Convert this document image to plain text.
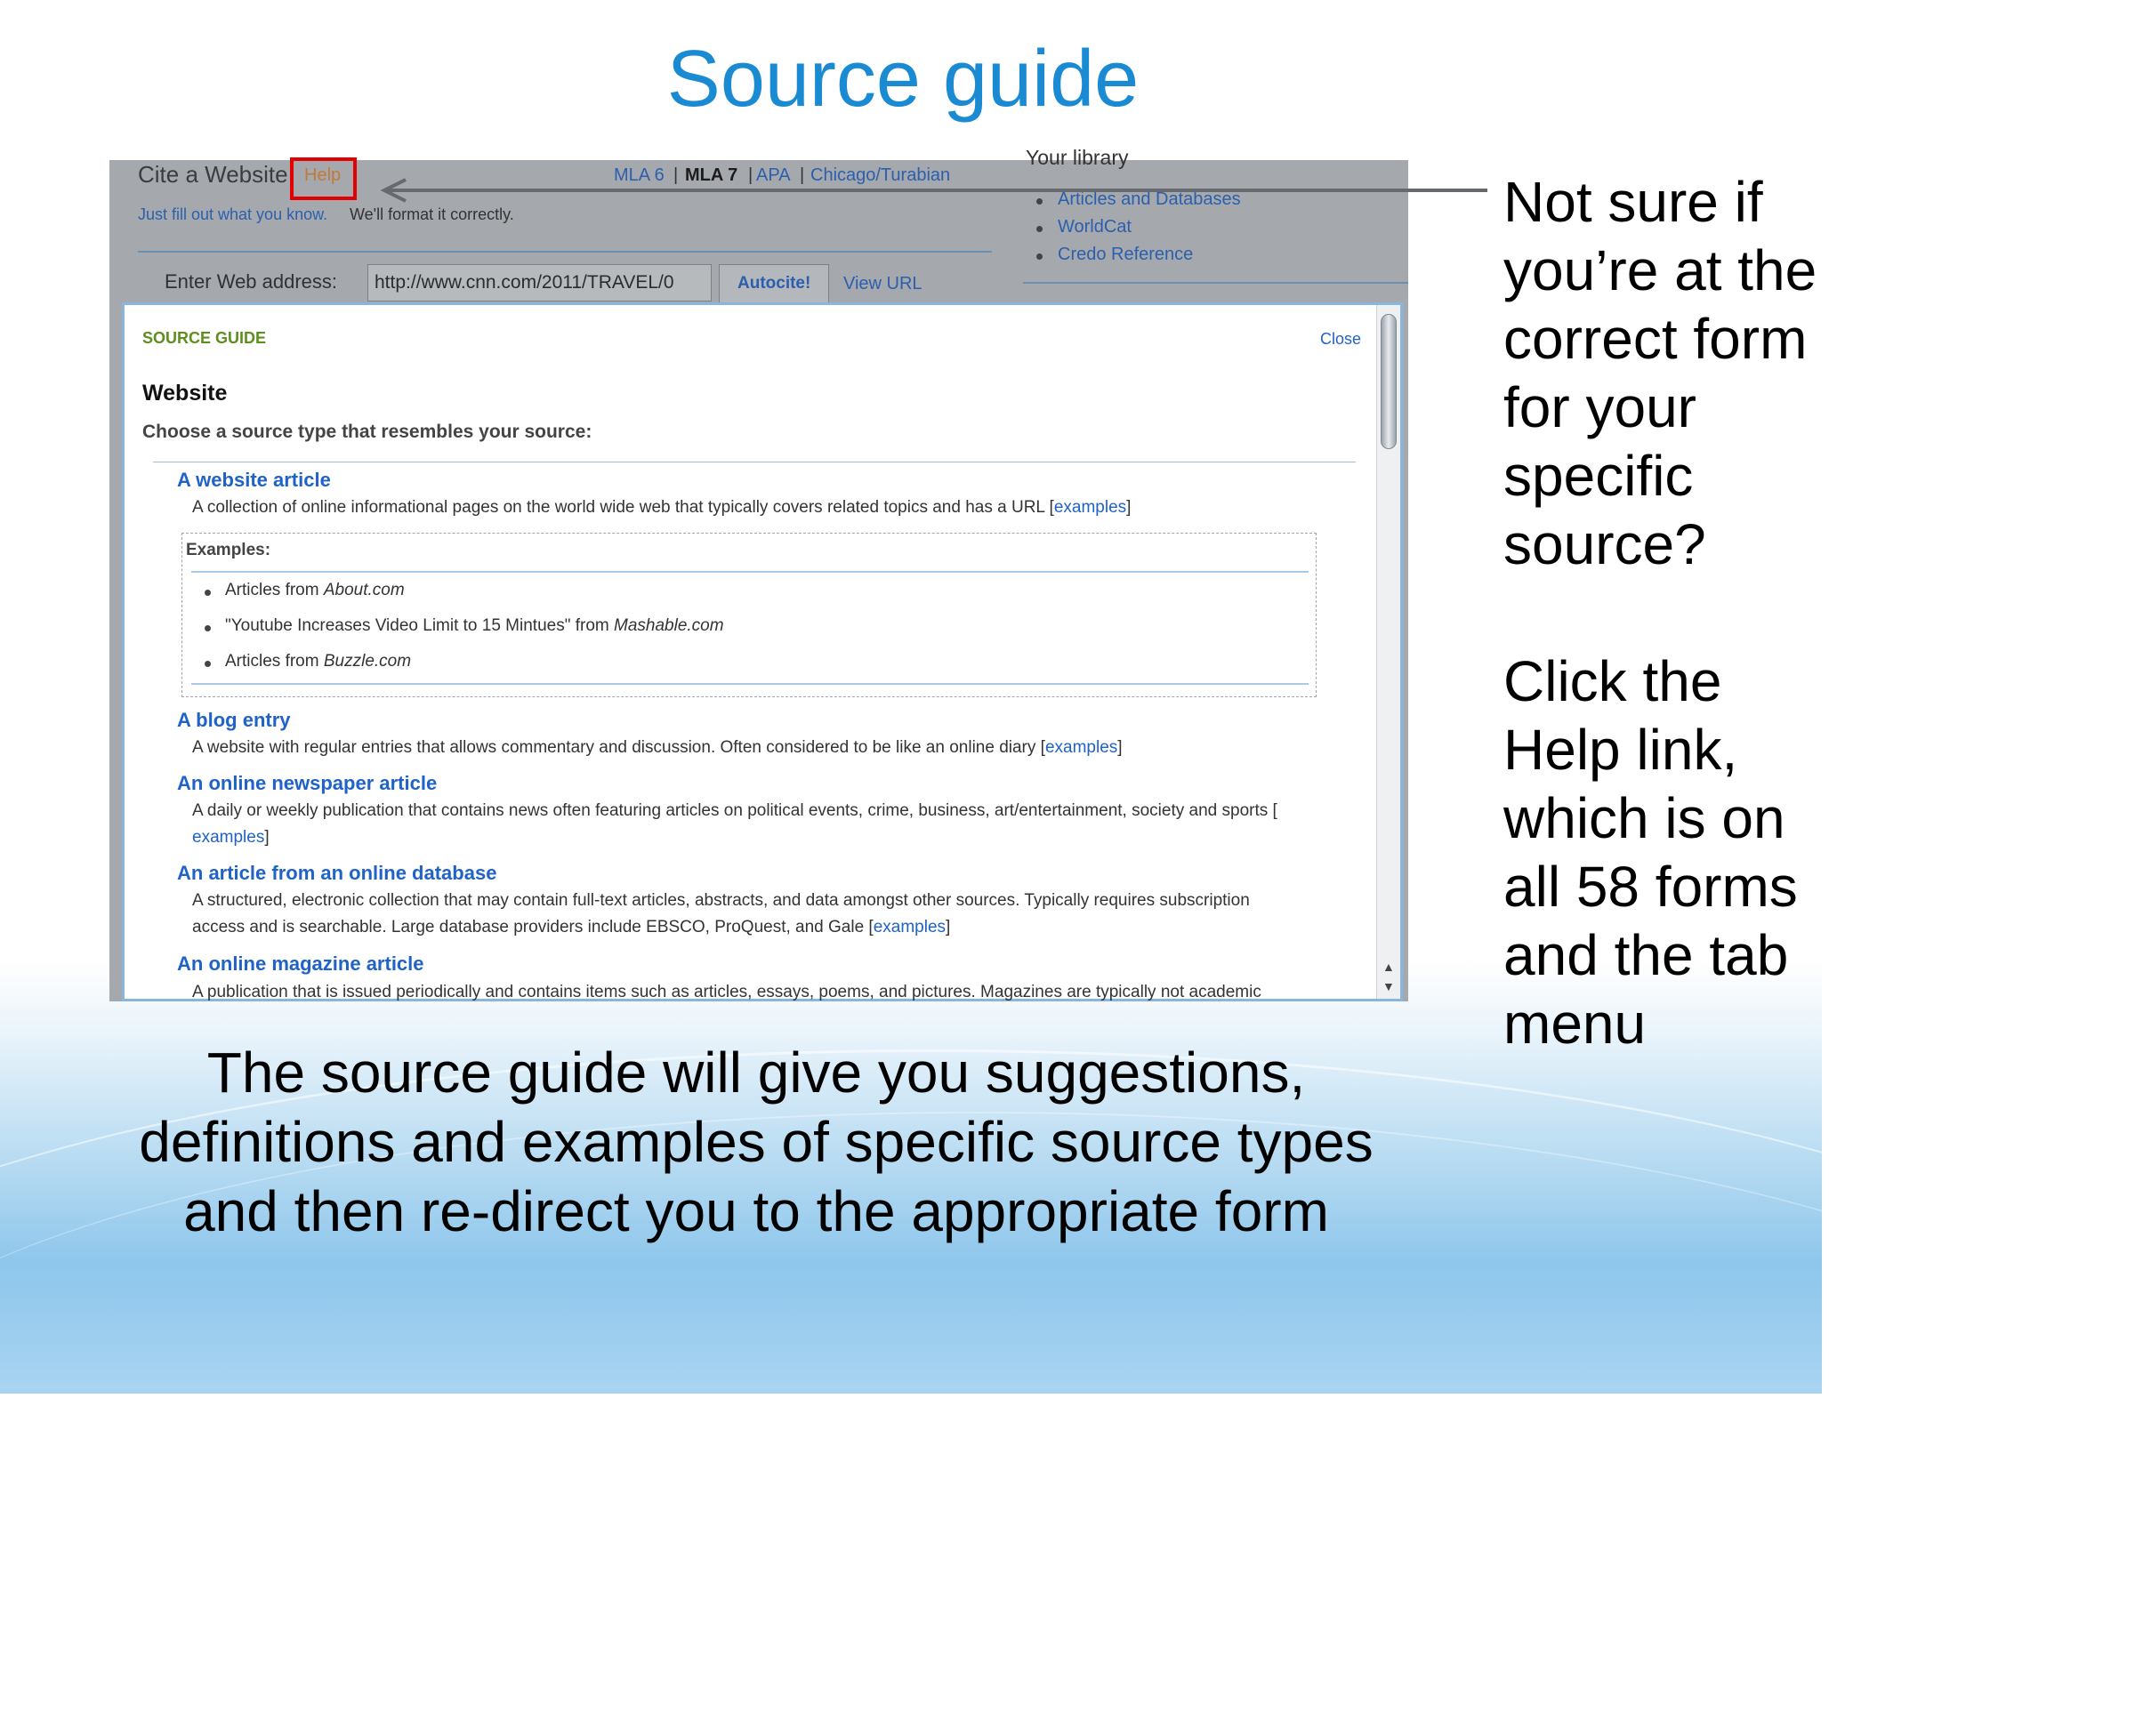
Source guide
Cite a Website Help	MLA 6 | MLA 7 | APA | Chicago/Turabian
Just fill out what you know. We'll format it correctly.
Your library
Articles and Databases
WorldCat
Credo Reference
Enter Web address: http://www.cnn.com/2011/TRAVEL/0	Autocite! View URL
SOURCE GUIDE	Close
Website
Choose a source type that resembles your source:
A website article
A collection of online informational pages on the world wide web that typically covers related topics and has a URL [examples]
Examples:
Articles from About.com
"Youtube Increases Video Limit to 15 Mintues" from Mashable.com
Articles from Buzzle.com
A blog entry
A website with regular entries that allows commentary and discussion. Often considered to be like an online diary [examples]
An online newspaper article
A daily or weekly publication that contains news often featuring articles on political events, crime, business, art/entertainment, society and sports [
examples]
An article from an online database
A structured, electronic collection that may contain full-text articles, abstracts, and data amongst other sources. Typically requires subscription
access and is searchable. Large database providers include EBSCO, ProQuest, and Gale [examples]
An online magazine article
A publication that is issued periodically and contains items such as articles, essays, poems, and pictures. Magazines are typically not academic
▲
▼
Not sure if
you’re at the
correct form
for your
specific
source?
Click the
Help link,
which is on
all 58 forms
and the tab
menu
The source guide will give you suggestions,
definitions and examples of specific source types
and then re-direct you to the appropriate form
